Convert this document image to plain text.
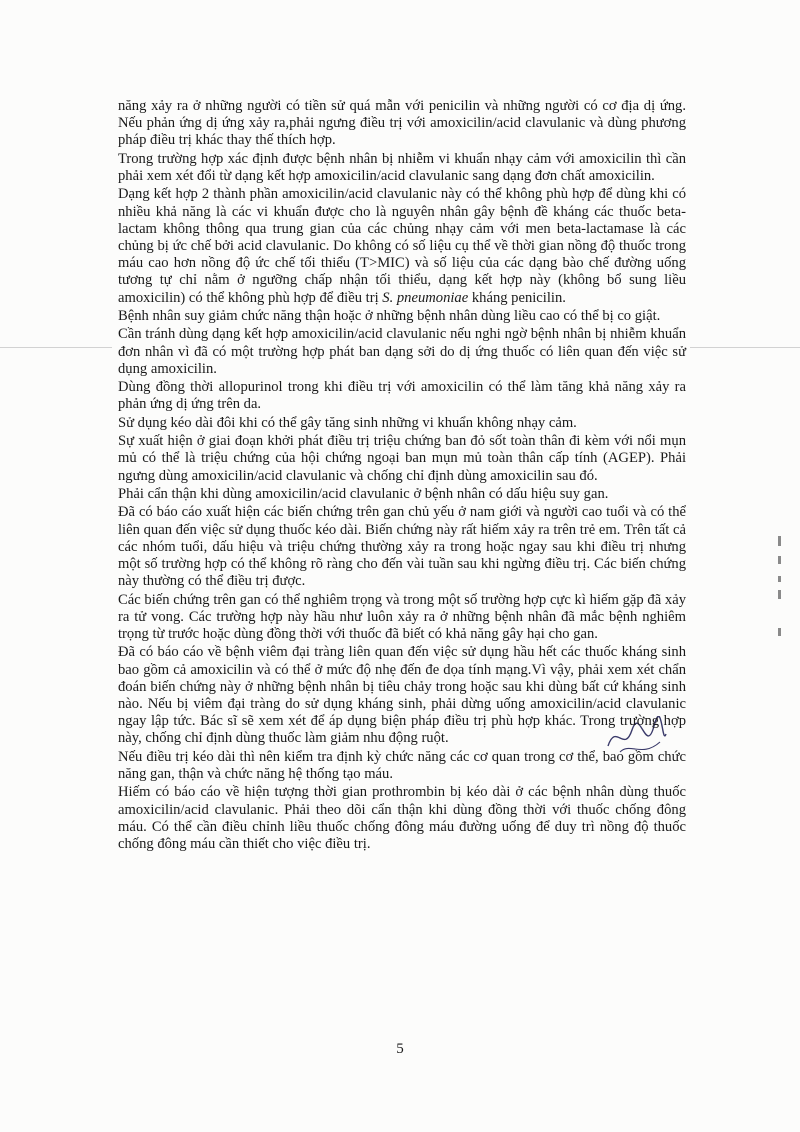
năng xảy ra ở những người có tiền sử quá mẫn với penicilin và những người có cơ địa dị ứng. Nếu phản ứng dị ứng xảy ra,phải ngưng điều trị với amoxicilin/acid clavulanic và dùng phương pháp điều trị khác thay thế thích hợp.

Trong trường hợp xác định được bệnh nhân bị nhiễm vi khuẩn nhạy cảm với amoxicilin thì cần phải xem xét đổi từ dạng kết hợp amoxicilin/acid clavulanic sang dạng đơn chất amoxicilin.

Dạng kết hợp 2 thành phần amoxicilin/acid clavulanic này có thể không phù hợp để dùng khi có nhiều khả năng là các vi khuẩn được cho là nguyên nhân gây bệnh đề kháng các thuốc beta-lactam không thông qua trung gian của các chủng nhạy cảm với men beta-lactamase là các chủng bị ức chế bởi acid clavulanic. Do không có số liệu cụ thể về thời gian nồng độ thuốc trong máu cao hơn nồng độ ức chế tối thiểu (T>MIC) và số liệu của các dạng bào chế đường uống tương tự chỉ nằm ở ngưỡng chấp nhận tối thiểu, dạng kết hợp này (không bổ sung liều amoxicilin) có thể không phù hợp để điều trị S. pneumoniae kháng penicilin.

Bệnh nhân suy giảm chức năng thận hoặc ở những bệnh nhân dùng liều cao có thể bị co giật.

Cần tránh dùng dạng kết hợp amoxicilin/acid clavulanic nếu nghi ngờ bệnh nhân bị nhiễm khuẩn đơn nhân vì đã có một trường hợp phát ban dạng sởi do dị ứng thuốc có liên quan đến việc sử dụng amoxicilin.

Dùng đồng thời allopurinol trong khi điều trị với amoxicilin có thể làm tăng khả năng xảy ra phản ứng dị ứng trên da.

Sử dụng kéo dài đôi khi có thể gây tăng sinh những vi khuẩn không nhạy cảm.

Sự xuất hiện ở giai đoạn khởi phát điều trị triệu chứng ban đỏ sốt toàn thân đi kèm với nổi mụn mủ có thể là triệu chứng của hội chứng ngoại ban mụn mủ toàn thân cấp tính (AGEP). Phải ngưng dùng amoxicilin/acid clavulanic và chống chỉ định dùng amoxicilin sau đó.

Phải cẩn thận khi dùng amoxicilin/acid clavulanic ở bệnh nhân có dấu hiệu suy gan.

Đã có báo cáo xuất hiện các biến chứng trên gan chủ yếu ở nam giới và người cao tuổi và có thể liên quan đến việc sử dụng thuốc kéo dài. Biến chứng này rất hiếm xảy ra trên trẻ em. Trên tất cả các nhóm tuổi, dấu hiệu và triệu chứng thường xảy ra trong hoặc ngay sau khi điều trị nhưng một số trường hợp có thể không rõ ràng cho đến vài tuần sau khi ngừng điều trị. Các biến chứng này thường có thể điều trị được.

Các biến chứng trên gan có thể nghiêm trọng và trong một số trường hợp cực kì hiếm gặp đã xảy ra tử vong. Các trường hợp này hầu như luôn xảy ra ở những bệnh nhân đã mắc bệnh nghiêm trọng từ trước hoặc dùng đồng thời với thuốc đã biết có khả năng gây hại cho gan.

Đã có báo cáo về bệnh viêm đại tràng liên quan đến việc sử dụng hầu hết các thuốc kháng sinh bao gồm cả amoxicilin và có thể ở mức độ nhẹ đến đe dọa tính mạng.Vì vậy, phải xem xét chẩn đoán biến chứng này ở những bệnh nhân bị tiêu chảy trong hoặc sau khi dùng bất cứ kháng sinh nào. Nếu bị viêm đại tràng do sử dụng kháng sinh, phải dừng uống amoxicilin/acid clavulanic ngay lập tức. Bác sĩ sẽ xem xét để áp dụng biện pháp điều trị phù hợp khác. Trong trường hợp này, chống chỉ định dùng thuốc làm giảm nhu động ruột.

Nếu điều trị kéo dài thì nên kiểm tra định kỳ chức năng các cơ quan trong cơ thể, bao gồm chức năng gan, thận và chức năng hệ thống tạo máu.

Hiếm có báo cáo về hiện tượng thời gian prothrombin bị kéo dài ở các bệnh nhân dùng thuốc amoxicilin/acid clavulanic. Phải theo dõi cẩn thận khi dùng đồng thời với thuốc chống đông máu. Có thể cần điều chỉnh liều thuốc chống đông máu đường uống để duy trì nồng độ thuốc chống đông máu cần thiết cho việc điều trị.

5
